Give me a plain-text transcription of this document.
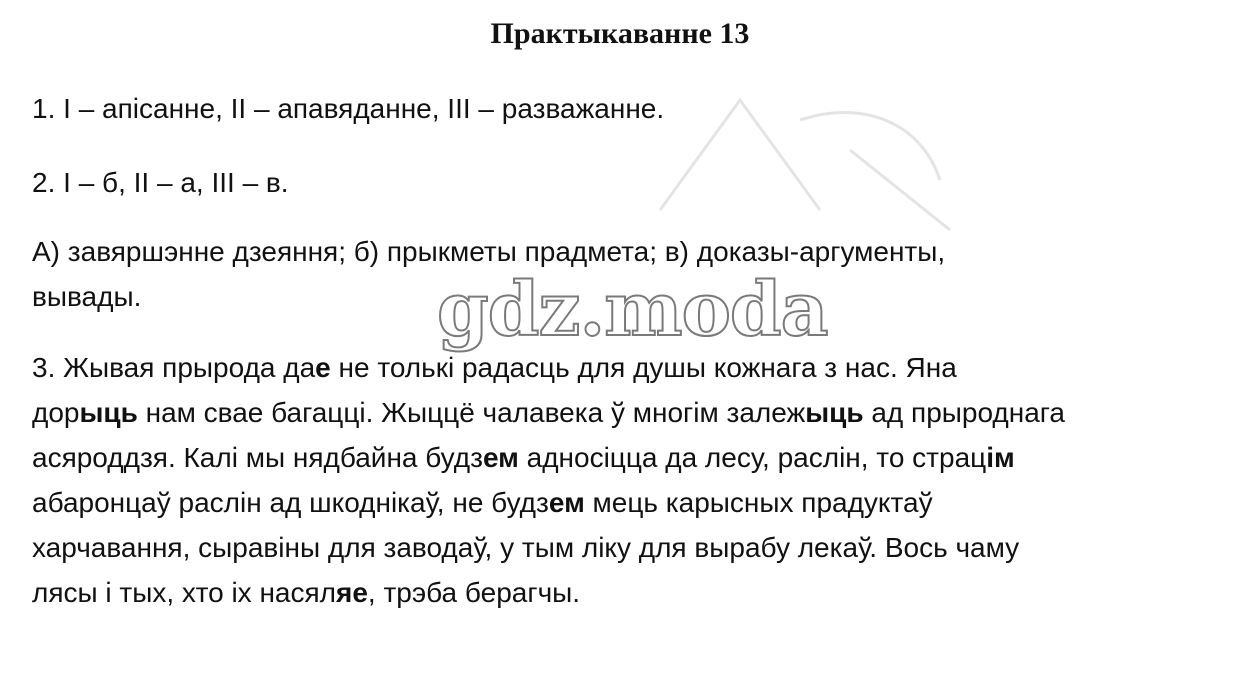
Практыкаванне 13

1. I – апісанне, II – апавяданне, III – разважанне.

2. I – б, II – а, III – в.

А) завяршэнне дзеяння; б) прыкметы прадмета; в) доказы-аргументы,
вывады.

3. Жывая прырода дае не толькі радасць для душы кожнага з нас. Яна
дорыць нам свае багацці. Жыццё чалавека ў многім залежыць ад прыроднага
асяроддзя. Калі мы нядбайна будзем адносіцца да лесу, раслін, то страцім
абаронцаў раслін ад шкоднікаў, не будзем мець карысных прадуктаў
харчавання, сыравіны для заводаў, у тым ліку для вырабу лекаў. Вось чаму
лясы і тых, хто іх насяляе, трэба берагчы.

gdz.moda
